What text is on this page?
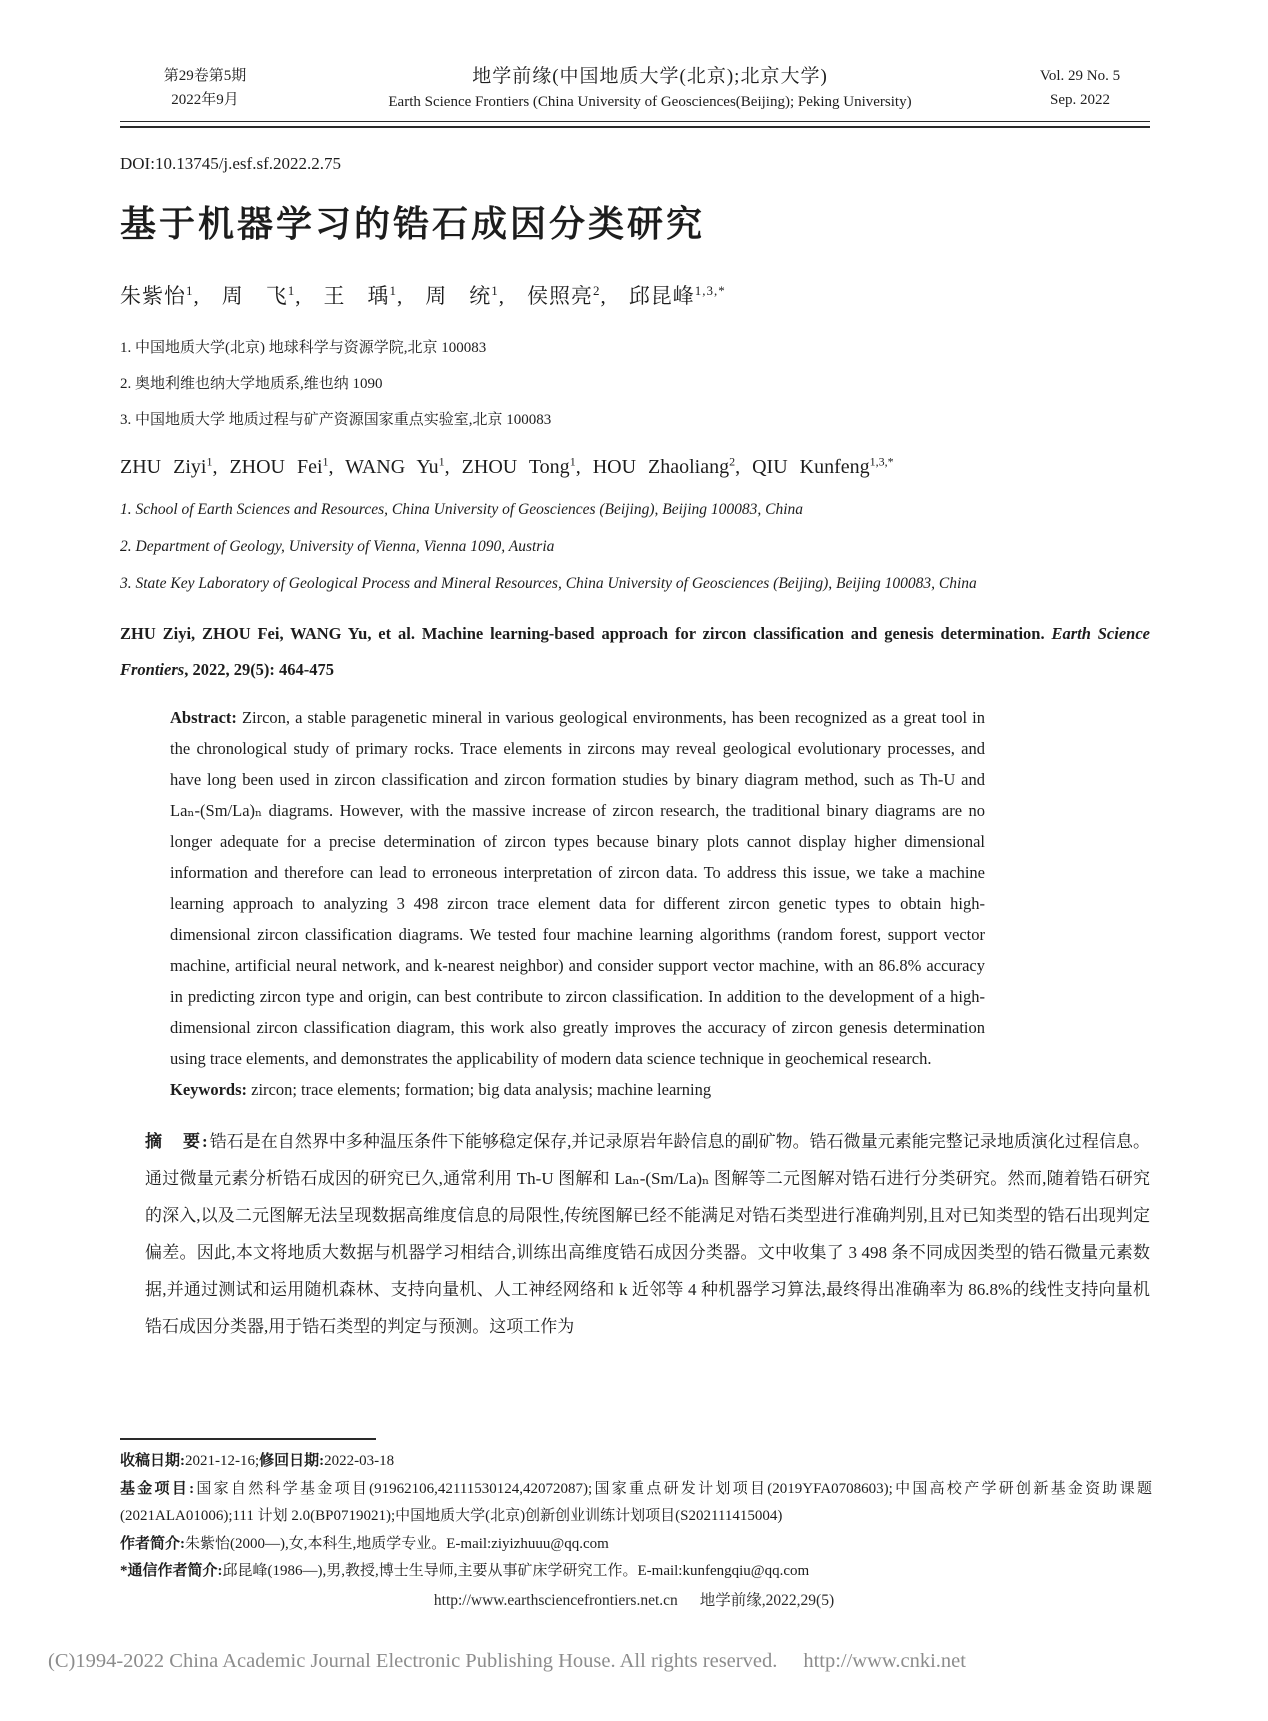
第29卷第5期
2022年9月
地学前缘(中国地质大学(北京);北京大学)
Earth Science Frontiers (China University of Geosciences(Beijing); Peking University)
Vol. 29 No. 5
Sep. 2022
DOI:10.13745/j.esf.sf.2022.2.75
基于机器学习的锆石成因分类研究
朱紫怡$^1$,　周　飞$^1$,　王　瑀$^1$,　周　统$^1$,　侯照亮$^2$,　邱昆峰$^{1,3,*}$
1. 中国地质大学(北京) 地球科学与资源学院,北京 100083
2. 奥地利维也纳大学地质系,维也纳 1090
3. 中国地质大学 地质过程与矿产资源国家重点实验室,北京 100083
ZHU Ziyi$^1$, ZHOU Fei$^1$, WANG Yu$^1$, ZHOU Tong$^1$, HOU Zhaoliang$^2$, QIU Kunfeng$^{1,3,*}$
1. School of Earth Sciences and Resources, China University of Geosciences (Beijing), Beijing 100083, China
2. Department of Geology, University of Vienna, Vienna 1090, Austria
3. State Key Laboratory of Geological Process and Mineral Resources, China University of Geosciences (Beijing), Beijing 100083, China

ZHU Ziyi, ZHOU Fei, WANG Yu, et al. Machine learning-based approach for zircon classification and genesis determination. Earth Science Frontiers, 2022, 29(5): 464-475

Abstract: Zircon, a stable paragenetic mineral in various geological environments, has been recognized as a great tool in the chronological study of primary rocks. Trace elements in zircons may reveal geological evolutionary processes, and have long been used in zircon classification and zircon formation studies by binary diagram method, such as Th-U and Laₙ-(Sm/La)ₙ diagrams. However, with the massive increase of zircon research, the traditional binary diagrams are no longer adequate for a precise determination of zircon types because binary plots cannot display higher dimensional information and therefore can lead to erroneous interpretation of zircon data. To address this issue, we take a machine learning approach to analyzing 3 498 zircon trace element data for different zircon genetic types to obtain high-dimensional zircon classification diagrams. We tested four machine learning algorithms (random forest, support vector machine, artificial neural network, and k-nearest neighbor) and consider support vector machine, with an 86.8% accuracy in predicting zircon type and origin, can best contribute to zircon classification. In addition to the development of a high-dimensional zircon classification diagram, this work also greatly improves the accuracy of zircon genesis determination using trace elements, and demonstrates the applicability of modern data science technique in geochemical research.

Keywords: zircon; trace elements; formation; big data analysis; machine learning

摘　要:锆石是在自然界中多种温压条件下能够稳定保存,并记录原岩年龄信息的副矿物。锆石微量元素能完整记录地质演化过程信息。通过微量元素分析锆石成因的研究已久,通常利用 Th-U 图解和 Laₙ-(Sm/La)ₙ 图解等二元图解对锆石进行分类研究。然而,随着锆石研究的深入,以及二元图解无法呈现数据高维度信息的局限性,传统图解已经不能满足对锆石类型进行准确判别,且对已知类型的锆石出现判定偏差。因此,本文将地质大数据与机器学习相结合,训练出高维度锆石成因分类器。文中收集了 3 498 条不同成因类型的锆石微量元素数据,并通过测试和运用随机森林、支持向量机、人工神经网络和 k 近邻等 4 种机器学习算法,最终得出准确率为 86.8%的线性支持向量机锆石成因分类器,用于锆石类型的判定与预测。这项工作为

收稿日期:2021-12-16;修回日期:2022-03-18

基金项目:国家自然科学基金项目(91962106,42111530124,42072087);国家重点研发计划项目(2019YFA0708603);中国高校产学研创新基金资助课题(2021ALA01006);111 计划 2.0(BP0719021);中国地质大学(北京)创新创业训练计划项目(S202111415004)

作者简介:朱紫怡(2000—),女,本科生,地质学专业。E-mail:ziyizhuuu@qq.com

*通信作者简介:邱昆峰(1986—),男,教授,博士生导师,主要从事矿床学研究工作。E-mail:kunfengqiu@qq.com

http://www.earthsciencefrontiers.net.cn 地学前缘,2022,29(5)
(C)1994-2022 China Academic Journal Electronic Publishing House. All rights reserved. http://www.cnki.net
